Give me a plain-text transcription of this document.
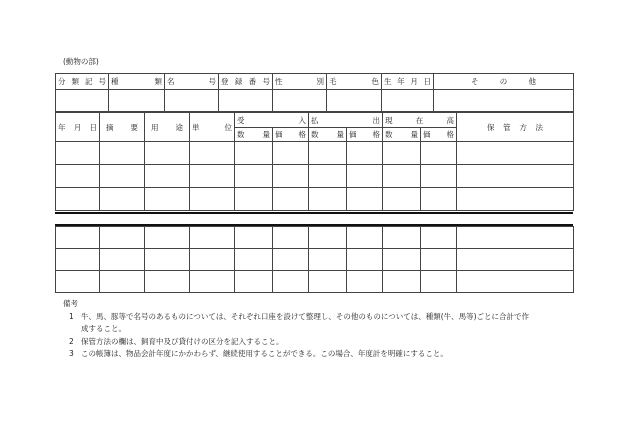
(動物の部)
分 類 記 号	種 類	名 号	登 録 番 号	性 別	毛 色	生 年 月 日	そ の 他

年 月 日	摘 要	用 途	単 位	受 入		払 出		現 在 高		保 管 方 法

				数 量	価 格	数 量	価 格	数 量	価 格	

備考
1 牛、馬、豚等で名号のあるものについては、それぞれ口座を設けて整理し、その他のものについては、種類(牛、馬等)ごとに合計で作
成すること。
2 保管方法の欄は、飼育中及び貸付けの区分を記入すること。
3 この帳簿は、物品会計年度にかかわらず、継続使用することができる。この場合、年度計を明確にすること。
